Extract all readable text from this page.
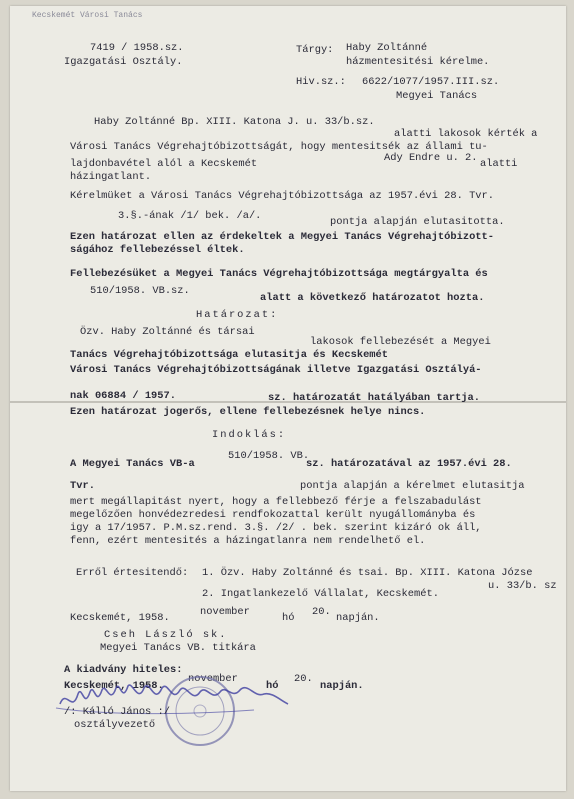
Kecskemét Városi Tanács
7419 / 1958.sz.
Igazgatási Osztály.
Tárgy: Haby Zoltánné
házmentesitési kérelme.
Hiv.sz.: 6622/1077/1957.III.sz.
Megyei Tanács
Haby Zoltánné Bp. XIII. Katona J. u. 33/b.sz.
alatti lakosok kérték a
Városi Tanács Végrehajtóbizottságát, hogy mentesitsék az állami tu-
lajdonbavétel alól a Kecskemét	Ady Endre u. 2. alatti
házingatlant.
Kérelmüket a Városi Tanács Végrehajtóbizottsága az 1957.évi 28. Tvr.
3.§.-ának /1/ bek. /a/.	pontja alapján elutasitotta.
Ezen határozat ellen az érdekeltek a Megyei Tanács Végrehajtóbizott-
ságához fellebezéssel éltek.
Fellebezésüket a Megyei Tanács Végrehajtóbizottsága megtárgyalta és
510/1958. VB.sz.
alatt a következő határozatot hozta.
Határozat:
Özv. Haby Zoltánné és társai
lakosok fellebezését a Megyei
Tanács Végrehajtóbizottsága elutasitja és Kecskemét
Városi Tanács Végrehajtóbizottságának illetve Igazgatási Osztályá-
nak 06884 / 1957.	sz. határozatát hatályában tartja.
Ezen határozat jogerős, ellene fellebezésnek helye nincs.
Indoklás:
A Megyei Tanács VB-a
510/1958. VB.
sz. határozatával az 1957.évi 28.
Tvr.	pontja alapján a kérelmet elutasitja
mert megállapitást nyert, hogy a fellebbező férje a felszabadulást
megelőzően honvédezredesi rendfokozattal került nyugállományba és
igy a 17/1957. P.M.sz.rend. 3.§. /2/ . bek. szerint kizáró ok áll,
fenn, ezért mentesités a házingatlanra nem rendelhető el.
Erről értesitendő: 1. Özv. Haby Zoltánné és tsai. Bp. XIII. Katona Józse
u. 33/b. sz
2. Ingatlankezelő Vállalat, Kecskemét.
Kecskemét, 1958.	november	hó 20. napján.
Cseh László sk.
Megyei Tanács VB. titkára
A kiadvány hiteles:
Kecskemét, 1958.
november
hó
20.
napján.
/: Kálló János :/
osztályvezető
